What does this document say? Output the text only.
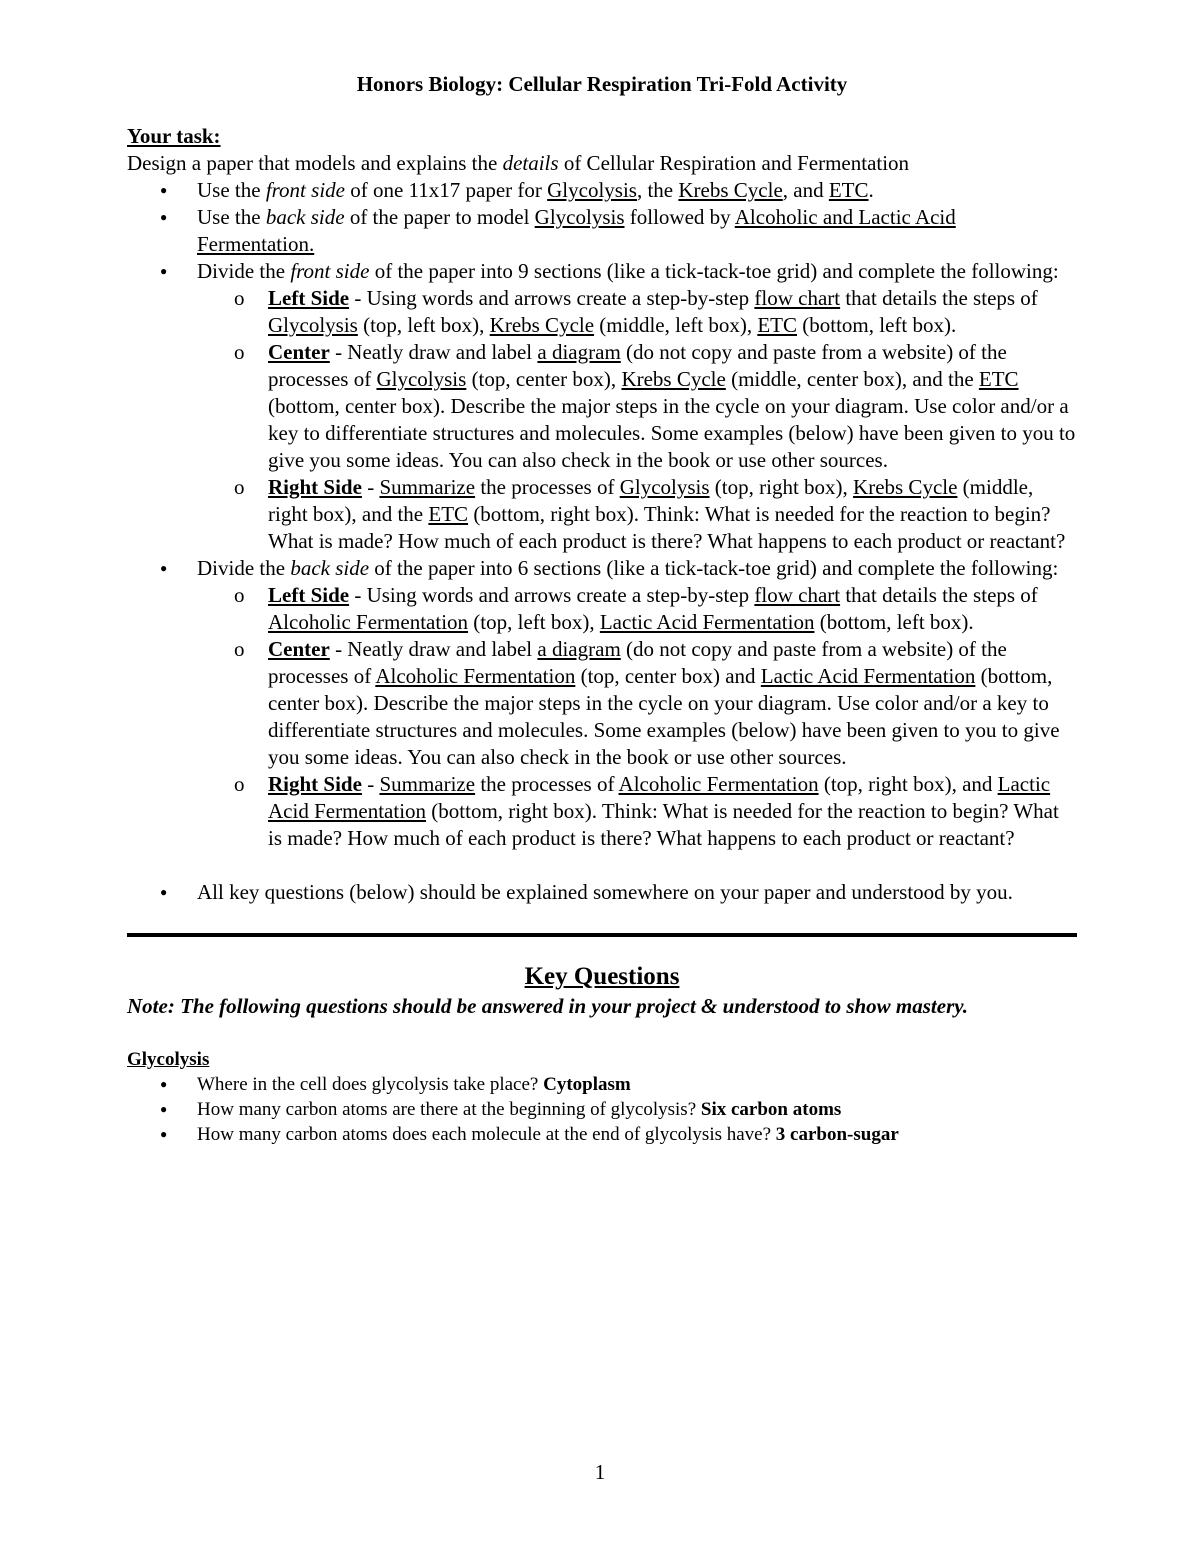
Honors Biology: Cellular Respiration Tri-Fold Activity
Your task:

Design a paper that models and explains the details of Cellular Respiration and Fermentation

● Use the front side of one 11x17 paper for Glycolysis, the Krebs Cycle, and ETC.
● Use the back side of the paper to model Glycolysis followed by Alcoholic and Lactic Acid Fermentation.
● Divide the front side of the paper into 9 sections (like a tick-tack-toe grid) and complete the following:
o Left Side - Using words and arrows create a step-by-step flow chart that details the steps of Glycolysis (top, left box), Krebs Cycle (middle, left box), ETC (bottom, left box).
o Center - Neatly draw and label a diagram (do not copy and paste from a website) of the processes of Glycolysis (top, center box), Krebs Cycle (middle, center box), and the ETC (bottom, center box). Describe the major steps in the cycle on your diagram. Use color and/or a key to differentiate structures and molecules. Some examples (below) have been given to you to give you some ideas. You can also check in the book or use other sources.
o Right Side - Summarize the processes of Glycolysis (top, right box), Krebs Cycle (middle, right box), and the ETC (bottom, right box). Think: What is needed for the reaction to begin? What is made? How much of each product is there? What happens to each product or reactant?
● Divide the back side of the paper into 6 sections (like a tick-tack-toe grid) and complete the following:
o Left Side - Using words and arrows create a step-by-step flow chart that details the steps of Alcoholic Fermentation (top, left box), Lactic Acid Fermentation (bottom, left box).
o Center - Neatly draw and label a diagram (do not copy and paste from a website) of the processes of Alcoholic Fermentation (top, center box) and Lactic Acid Fermentation (bottom, center box). Describe the major steps in the cycle on your diagram. Use color and/or a key to differentiate structures and molecules. Some examples (below) have been given to you to give you some ideas. You can also check in the book or use other sources.
o Right Side - Summarize the processes of Alcoholic Fermentation (top, right box), and Lactic Acid Fermentation (bottom, right box). Think: What is needed for the reaction to begin? What is made? How much of each product is there? What happens to each product or reactant?
● All key questions (below) should be explained somewhere on your paper and understood by you.
Key Questions
Note: The following questions should be answered in your project & understood to show mastery.
Glycolysis
● Where in the cell does glycolysis take place? Cytoplasm
● How many carbon atoms are there at the beginning of glycolysis? Six carbon atoms
● How many carbon atoms does each molecule at the end of glycolysis have? 3 carbon-sugar
1
